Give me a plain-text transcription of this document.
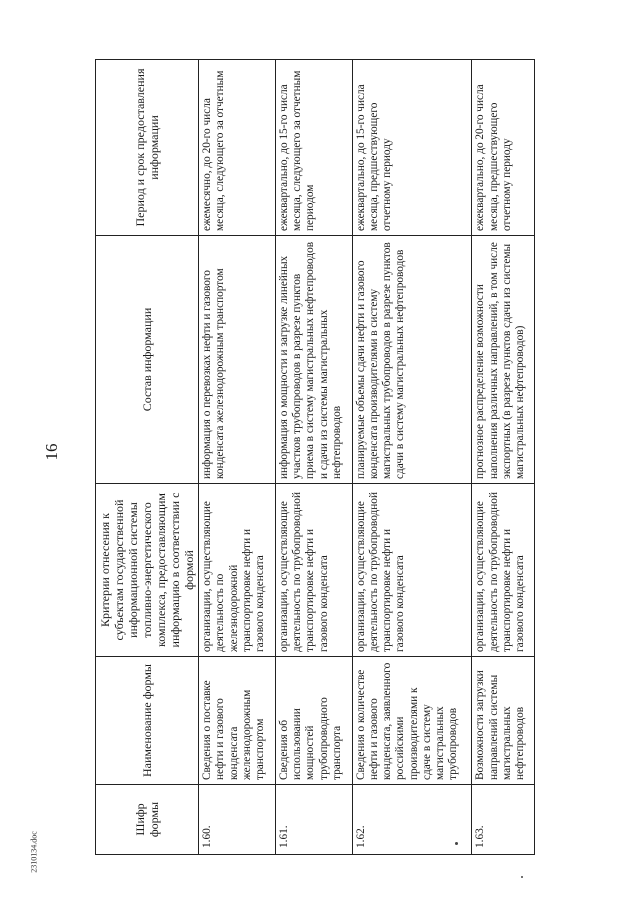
16
Шифр формы	Наименование формы	Критерии отнесения к субъектам государственной информационной системы топливно-энергетического комплекса, предоставляющим информацию в соответствии с формой	Состав информации	Период и срок предоставления информации
1.60.	Сведения о поставке нефти и газового конденсата железнодорожным транспортом	организации, осуществляющие деятельность по железнодорожной транспортировке нефти и газового конденсата	информация о перевозках нефти и газового конденсата железнодорожным транспортом	ежемесячно, до 20-го числа месяца, следующего за отчетным
1.61.	Сведения об использовании мощностей трубопроводного транспорта	организации, осуществляющие деятельность по трубопроводной транспортировке нефти и газового конденсата	информация о мощности и загрузке линейных участков трубопроводов в разрезе пунктов приема в систему магистральных нефтепроводов и сдачи из системы магистральных нефтепроводов	ежеквартально, до 15-го числа месяца, следующего за отчетным периодом
1.62.	Сведения о количестве нефти и газового конденсата, заявленного российскими производителями к сдаче в систему магистральных трубопроводов	организации, осуществляющие деятельность по трубопроводной транспортировке нефти и газового конденсата	планируемые объемы сдачи нефти и газового конденсата производителями в систему магистральных трубопроводов в разрезе пунктов сдачи в систему магистральных нефтепроводов	ежеквартально, до 15-го числа месяца, предшествующего отчетному периоду
1.63.	Возможности загрузки направлений системы магистральных нефтепроводов	организации, осуществляющие деятельность по трубопроводной транспортировке нефти и газового конденсата	прогнозное распределение возможности наполнения различных направлений, в том числе экспортных (в разрезе пунктов сдачи из системы магистральных нефтепроводов)	ежеквартально, до 20-го числа месяца, предшествующего отчетному периоду
2310134.doc
